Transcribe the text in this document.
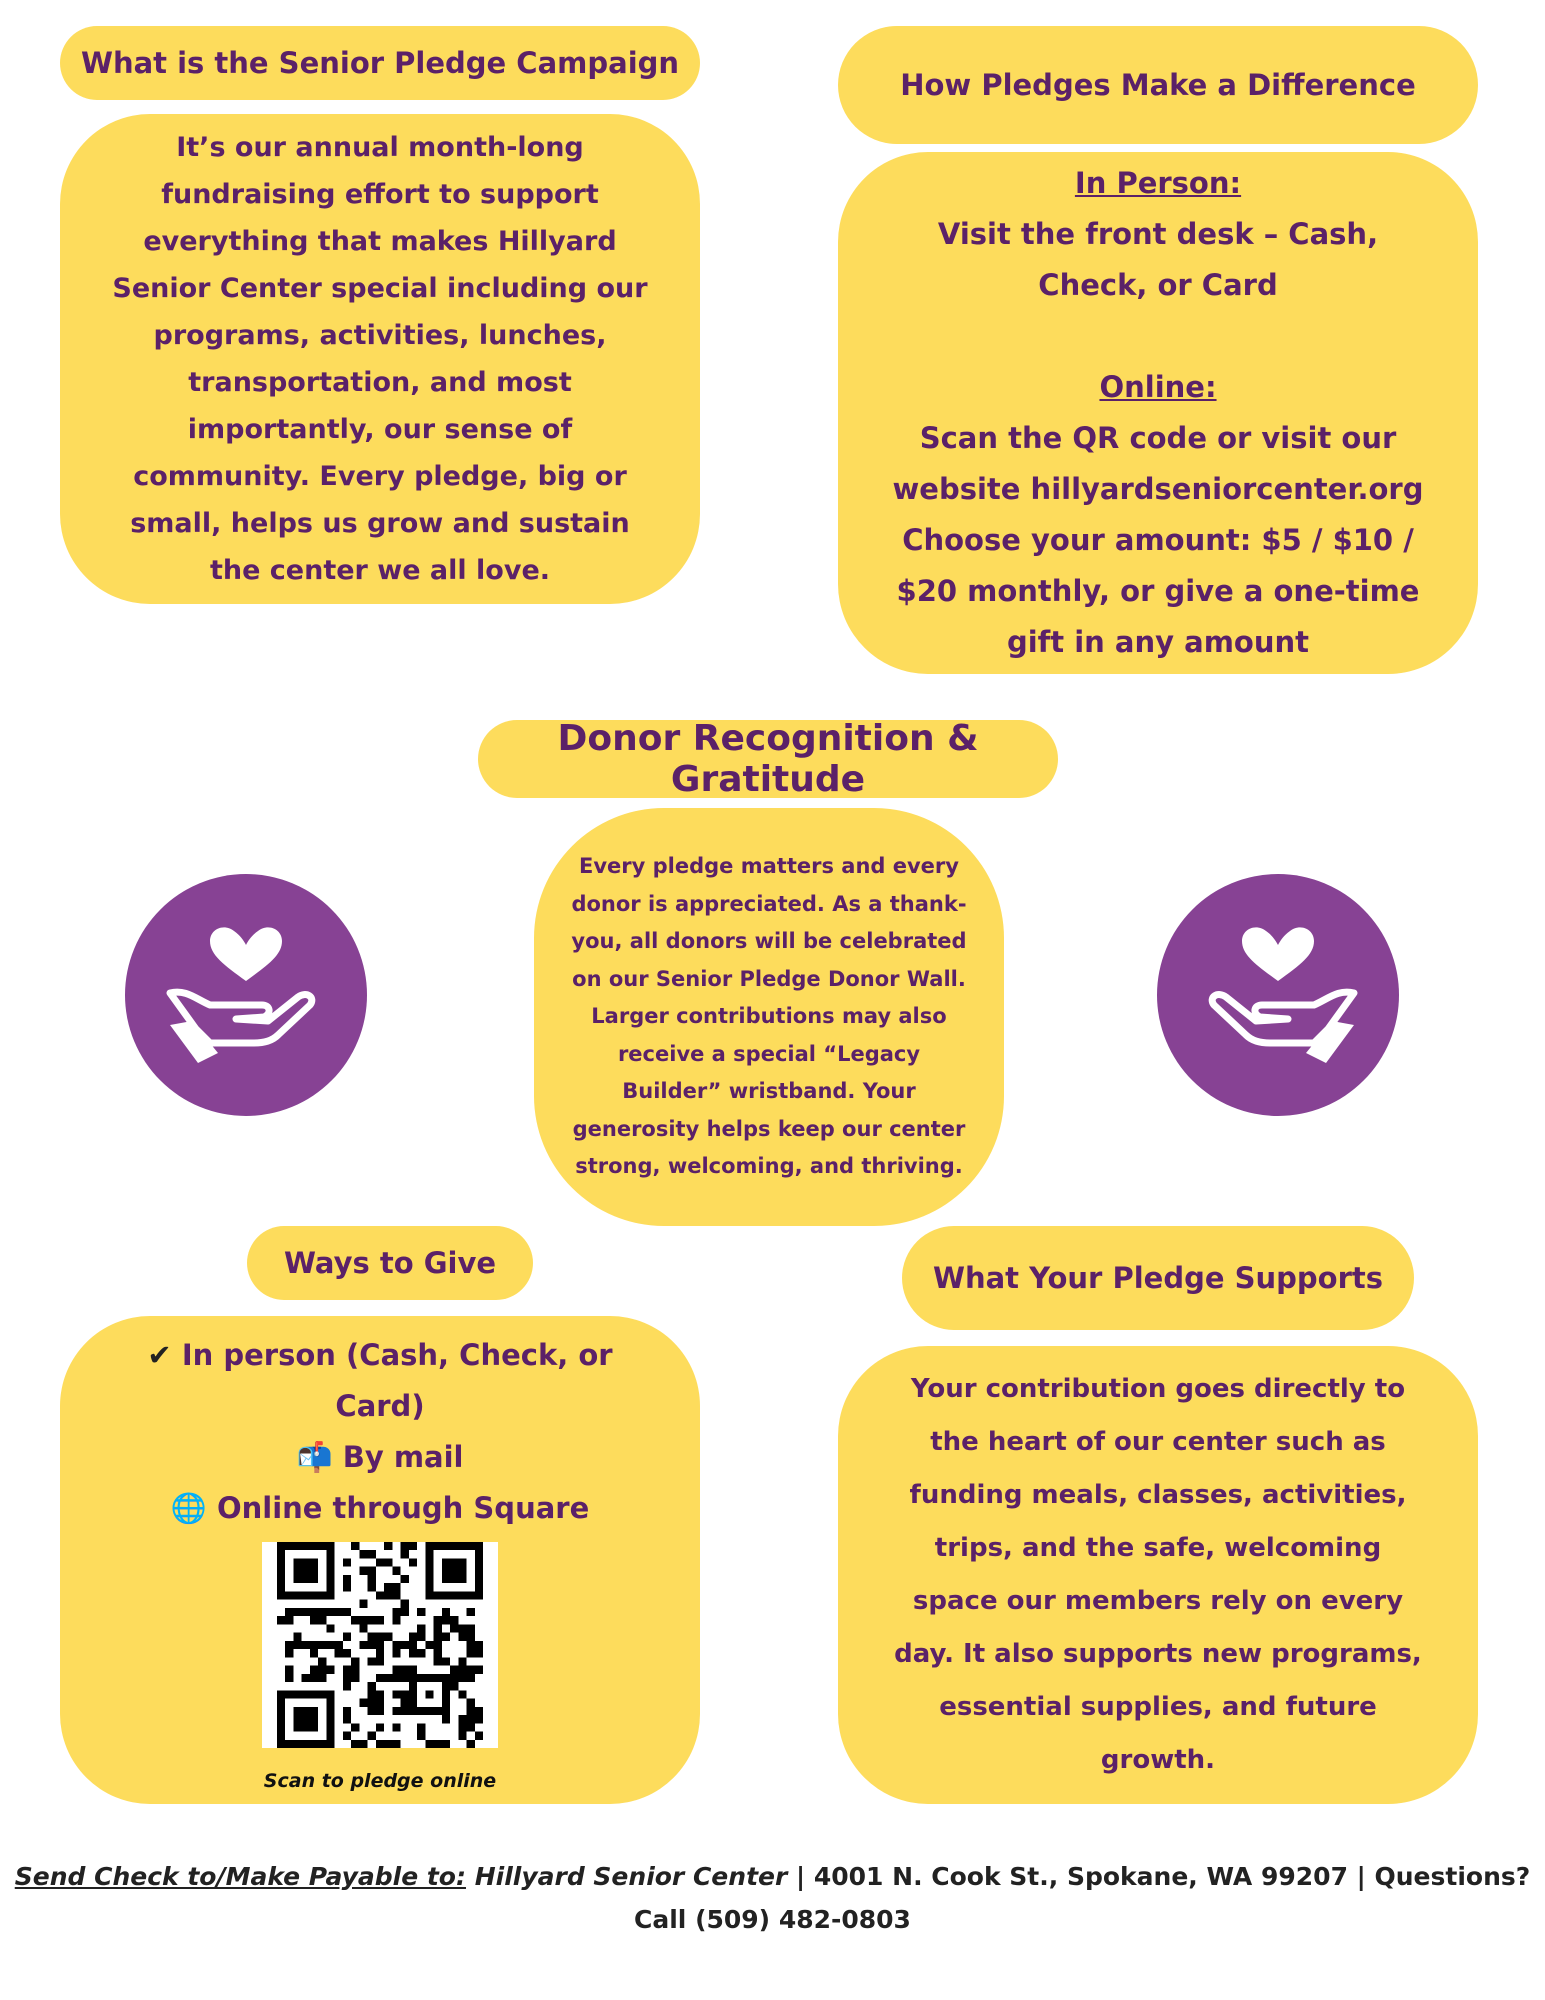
What is the Senior Pledge Campaign
It’s our annual month-long fundraising effort to support everything that makes Hillyard Senior Center special including our programs, activities, lunches, transportation, and most importantly, our sense of community. Every pledge, big or small, helps us grow and sustain the center we all love.
How Pledges Make a Difference
In Person:
Visit the front desk – Cash, Check, or Card
Online:
Scan the QR code or visit our website hillyardseniorcenter.org Choose your amount: $5 / $10 / $20 monthly, or give a one-time gift in any amount
Donor Recognition & Gratitude
Every pledge matters and every donor is appreciated. As a thank-you, all donors will be celebrated on our Senior Pledge Donor Wall. Larger contributions may also receive a special “Legacy Builder” wristband. Your generosity helps keep our center strong, welcoming, and thriving.
Ways to Give
✔ In person (Cash, Check, or Card)
📬 By mail
🌐 Online through Square
Scan to pledge online
What Your Pledge Supports
Your contribution goes directly to the heart of our center such as funding meals, classes, activities, trips, and the safe, welcoming space our members rely on every day. It also supports new programs, essential supplies, and future growth.
Send Check to/Make Payable to: Hillyard Senior Center | 4001 N. Cook St., Spokane, WA 99207 | Questions? Call (509) 482-0803
